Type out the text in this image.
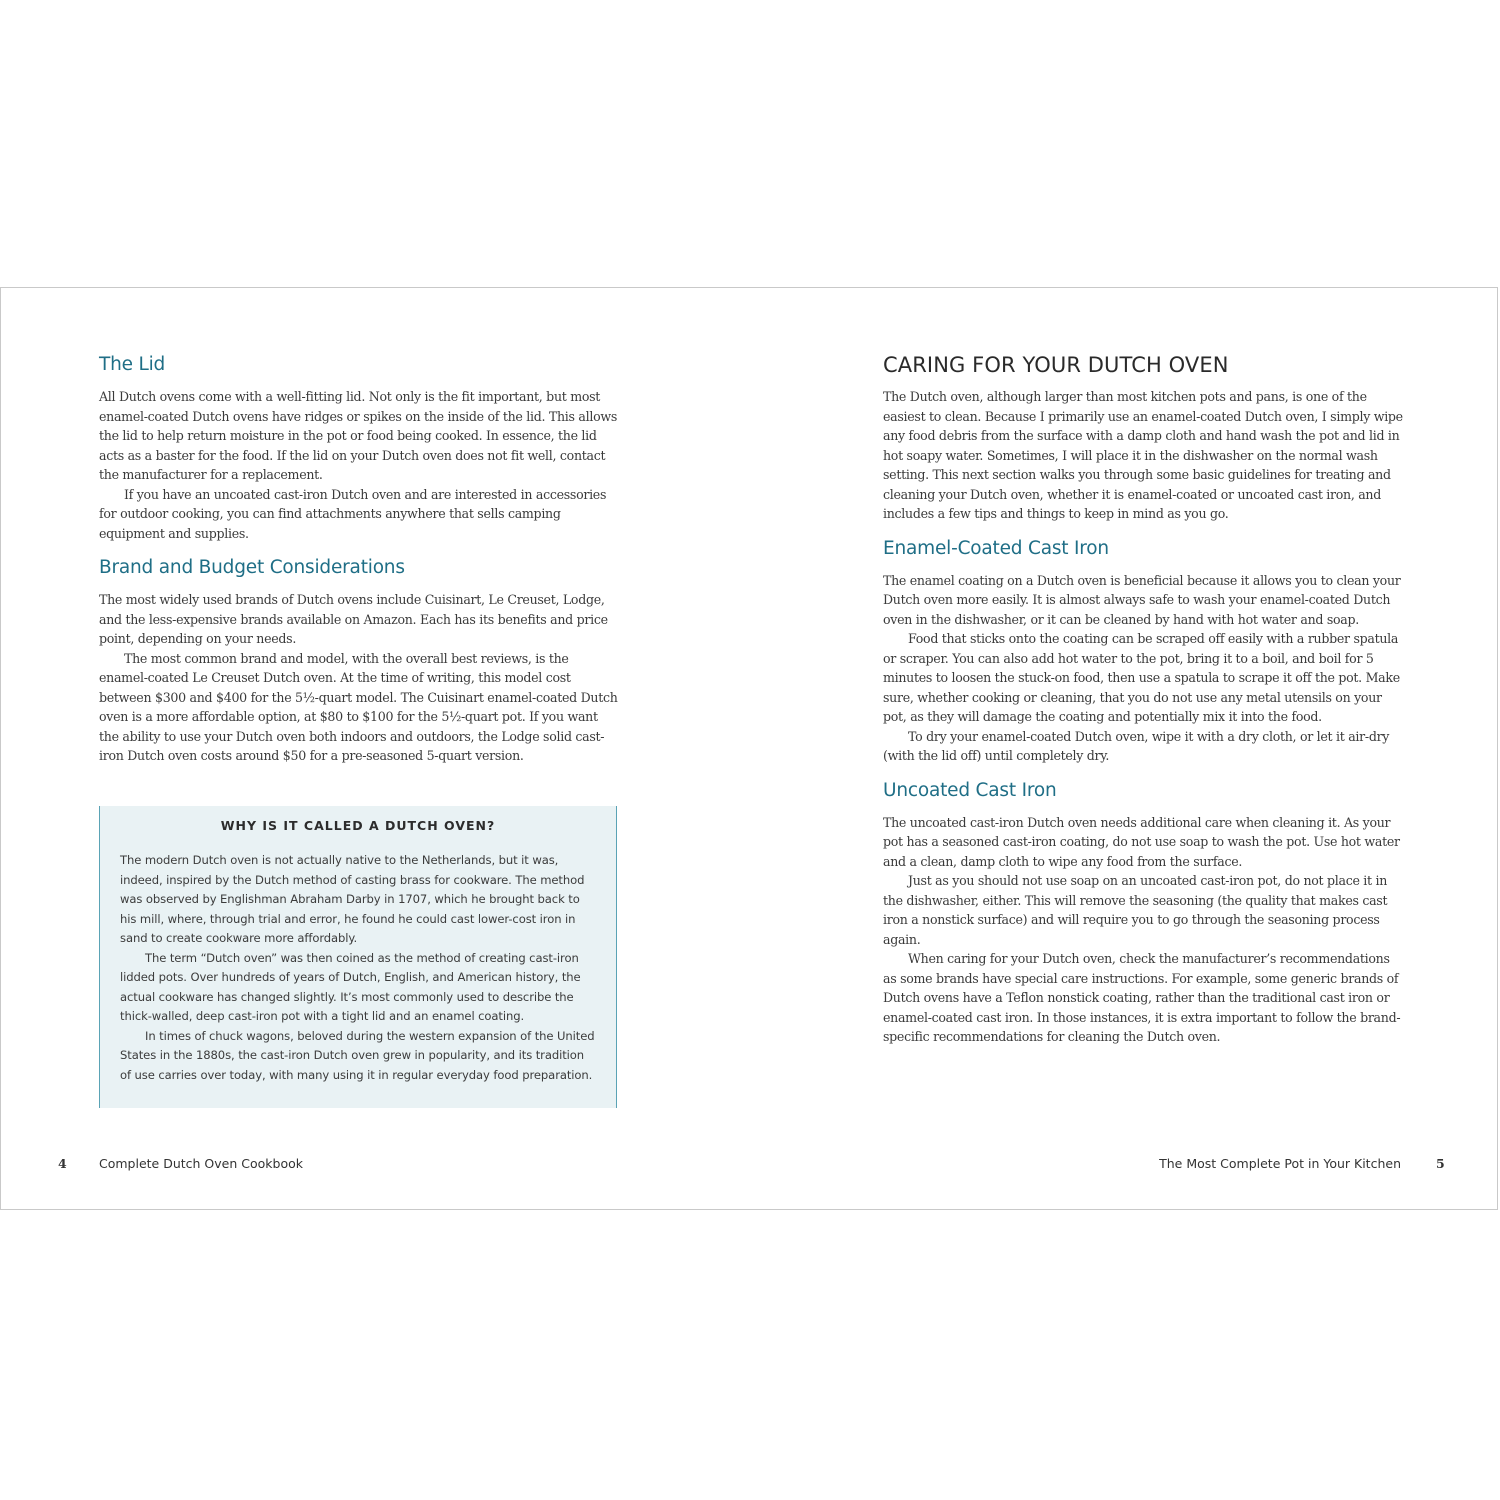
The Lid

All Dutch ovens come with a well-fitting lid. Not only is the fit important, but most enamel-coated Dutch ovens have ridges or spikes on the inside of the lid. This allows the lid to help return moisture in the pot or food being cooked. In essence, the lid acts as a baster for the food. If the lid on your Dutch oven does not fit well, contact the manufacturer for a replacement.

If you have an uncoated cast-iron Dutch oven and are interested in accessories for outdoor cooking, you can find attachments anywhere that sells camping equipment and supplies.

Brand and Budget Considerations

The most widely used brands of Dutch ovens include Cuisinart, Le Creuset, Lodge, and the less-expensive brands available on Amazon. Each has its benefits and price point, depending on your needs.

The most common brand and model, with the overall best reviews, is the enamel-coated Le Creuset Dutch oven. At the time of writing, this model cost between $300 and $400 for the 5½-quart model. The Cuisinart enamel-coated Dutch oven is a more affordable option, at $80 to $100 for the 5½-quart pot. If you want the ability to use your Dutch oven both indoors and outdoors, the Lodge solid cast-iron Dutch oven costs around $50 for a pre-seasoned 5-quart version.

WHY IS IT CALLED A DUTCH OVEN?

The modern Dutch oven is not actually native to the Netherlands, but it was, indeed, inspired by the Dutch method of casting brass for cookware. The method was observed by Englishman Abraham Darby in 1707, which he brought back to his mill, where, through trial and error, he found he could cast lower-cost iron in sand to create cookware more affordably.

The term “Dutch oven” was then coined as the method of creating cast-iron lidded pots. Over hundreds of years of Dutch, English, and American history, the actual cookware has changed slightly. It’s most commonly used to describe the thick-walled, deep cast-iron pot with a tight lid and an enamel coating.

In times of chuck wagons, beloved during the western expansion of the United States in the 1880s, the cast-iron Dutch oven grew in popularity, and its tradition of use carries over today, with many using it in regular everyday food preparation.

4	Complete Dutch Oven Cookbook
CARING FOR YOUR DUTCH OVEN

The Dutch oven, although larger than most kitchen pots and pans, is one of the easiest to clean. Because I primarily use an enamel-coated Dutch oven, I simply wipe any food debris from the surface with a damp cloth and hand wash the pot and lid in hot soapy water. Sometimes, I will place it in the dishwasher on the normal wash setting. This next section walks you through some basic guidelines for treating and cleaning your Dutch oven, whether it is enamel-coated or uncoated cast iron, and includes a few tips and things to keep in mind as you go.

Enamel-Coated Cast Iron

The enamel coating on a Dutch oven is beneficial because it allows you to clean your Dutch oven more easily. It is almost always safe to wash your enamel-coated Dutch oven in the dishwasher, or it can be cleaned by hand with hot water and soap.

Food that sticks onto the coating can be scraped off easily with a rubber spatula or scraper. You can also add hot water to the pot, bring it to a boil, and boil for 5 minutes to loosen the stuck-on food, then use a spatula to scrape it off the pot. Make sure, whether cooking or cleaning, that you do not use any metal utensils on your pot, as they will damage the coating and potentially mix it into the food.

To dry your enamel-coated Dutch oven, wipe it with a dry cloth, or let it air-dry (with the lid off) until completely dry.

Uncoated Cast Iron

The uncoated cast-iron Dutch oven needs additional care when cleaning it. As your pot has a seasoned cast-iron coating, do not use soap to wash the pot. Use hot water and a clean, damp cloth to wipe any food from the surface.

Just as you should not use soap on an uncoated cast-iron pot, do not place it in the dishwasher, either. This will remove the seasoning (the quality that makes cast iron a nonstick surface) and will require you to go through the seasoning process again.

When caring for your Dutch oven, check the manufacturer’s recommendations as some brands have special care instructions. For example, some generic brands of Dutch ovens have a Teflon nonstick coating, rather than the traditional cast iron or enamel-coated cast iron. In those instances, it is extra important to follow the brand-specific recommendations for cleaning the Dutch oven.

The Most Complete Pot in Your Kitchen	5
